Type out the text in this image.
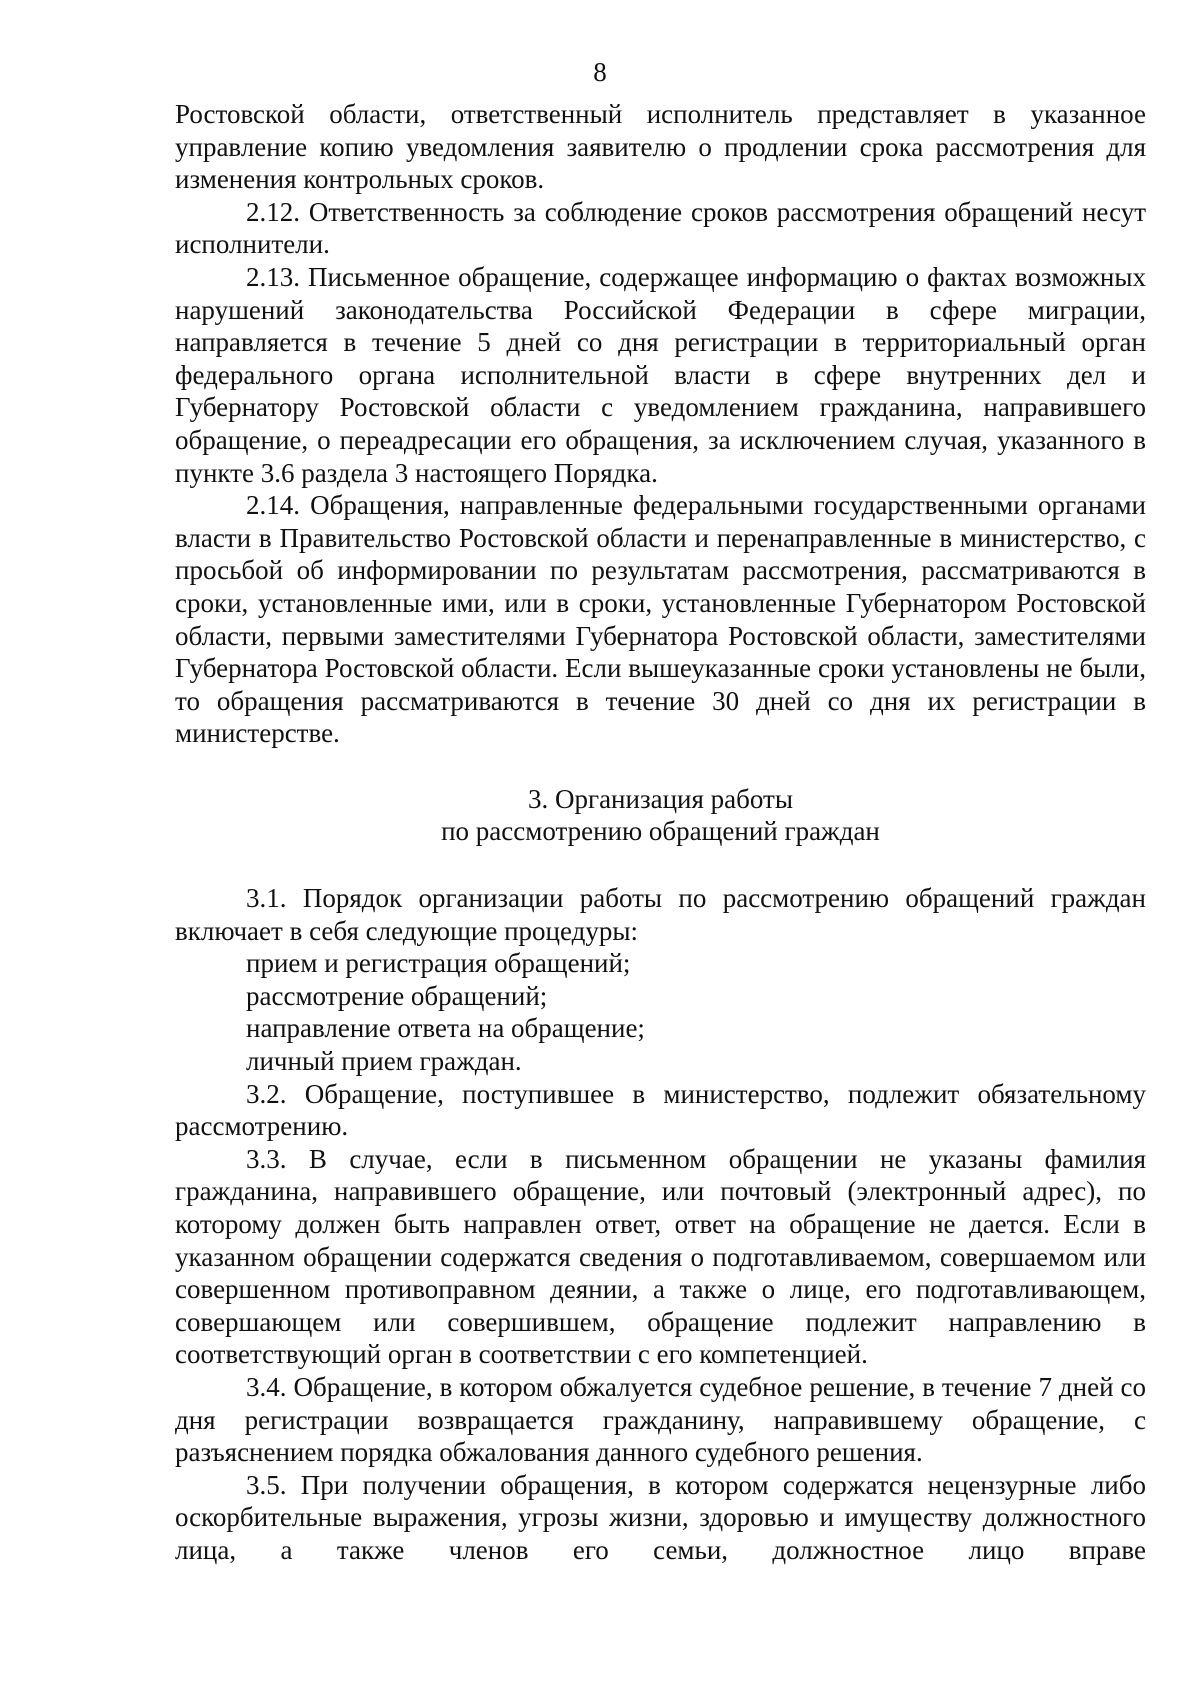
8

Ростовской области, ответственный исполнитель представляет в указанное управление копию уведомления заявителю о продлении срока рассмотрения для изменения контрольных сроков.

2.12. Ответственность за соблюдение сроков рассмотрения обращений несут исполнители.

2.13. Письменное обращение, содержащее информацию о фактах возможных нарушений законодательства Российской Федерации в сфере миграции, направляется в течение 5 дней со дня регистрации в территориальный орган федерального органа исполнительной власти в сфере внутренних дел и Губернатору Ростовской области с уведомлением гражданина, направившего обращение, о переадресации его обращения, за исключением случая, указанного в пункте 3.6 раздела 3 настоящего Порядка.

2.14. Обращения, направленные федеральными государственными органами власти в Правительство Ростовской области и перенаправленные в министерство, с просьбой об информировании по результатам рассмотрения, рассматриваются в сроки, установленные ими, или в сроки, установленные Губернатором Ростовской области, первыми заместителями Губернатора Ростовской области, заместителями Губернатора Ростовской области. Если вышеуказанные сроки установлены не были, то обращения рассматриваются в течение 30 дней со дня их регистрации в министерстве.

3. Организация работы

по рассмотрению обращений граждан

3.1. Порядок организации работы по рассмотрению обращений граждан включает в себя следующие процедуры:

прием и регистрация обращений;

рассмотрение обращений;

направление ответа на обращение;

личный прием граждан.

3.2. Обращение, поступившее в министерство, подлежит обязательному рассмотрению.

3.3. В случае, если в письменном обращении не указаны фамилия гражданина, направившего обращение, или почтовый (электронный адрес), по которому должен быть направлен ответ, ответ на обращение не дается. Если в указанном обращении содержатся сведения о подготавливаемом, совершаемом или совершенном противоправном деянии, а также о лице, его подготавливающем, совершающем или совершившем, обращение подлежит направлению в соответствующий орган в соответствии с его компетенцией.

3.4. Обращение, в котором обжалуется судебное решение, в течение 7 дней со дня регистрации возвращается гражданину, направившему обращение, с разъяснением порядка обжалования данного судебного решения.

3.5. При получении обращения, в котором содержатся нецензурные либо оскорбительные выражения, угрозы жизни, здоровью и имуществу должностного лица, а также членов его семьи, должностное лицо вправе
